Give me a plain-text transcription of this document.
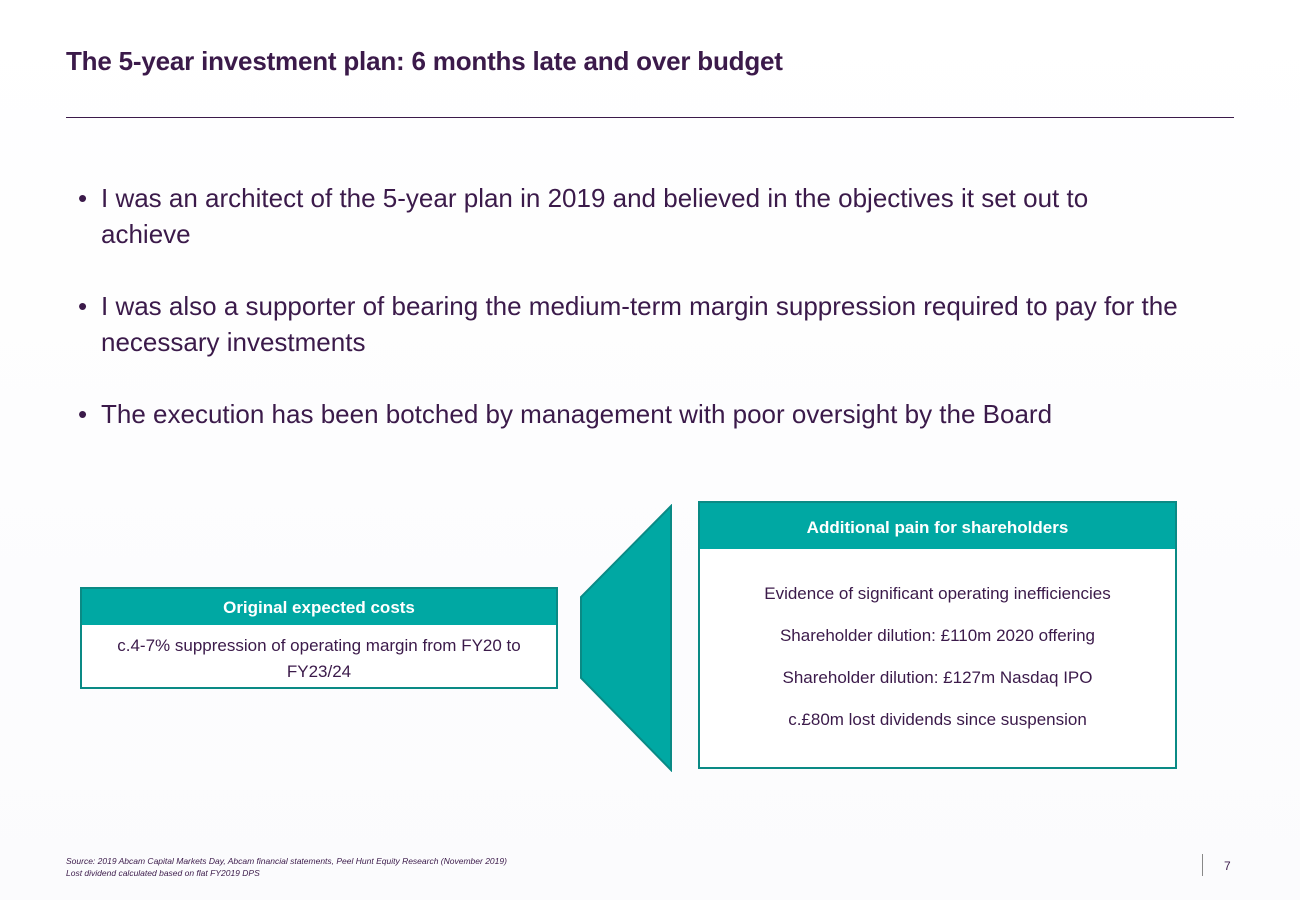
The 5-year investment plan: 6 months late and over budget
• I was an architect of the 5-year plan in 2019 and believed in the objectives it set out to achieve
• I was also a supporter of bearing the medium-term margin suppression required to pay for the necessary investments
• The execution has been botched by management with poor oversight by the Board
Original expected costs
c.4-7% suppression of operating margin from FY20 to FY23/24
Additional pain for shareholders
Evidence of significant operating inefficiencies
Shareholder dilution: £110m 2020 offering
Shareholder dilution: £127m Nasdaq IPO
c.£80m lost dividends since suspension
Source: 2019 Abcam Capital Markets Day, Abcam financial statements, Peel Hunt Equity Research (November 2019)
Lost dividend calculated based on flat FY2019 DPS	7
